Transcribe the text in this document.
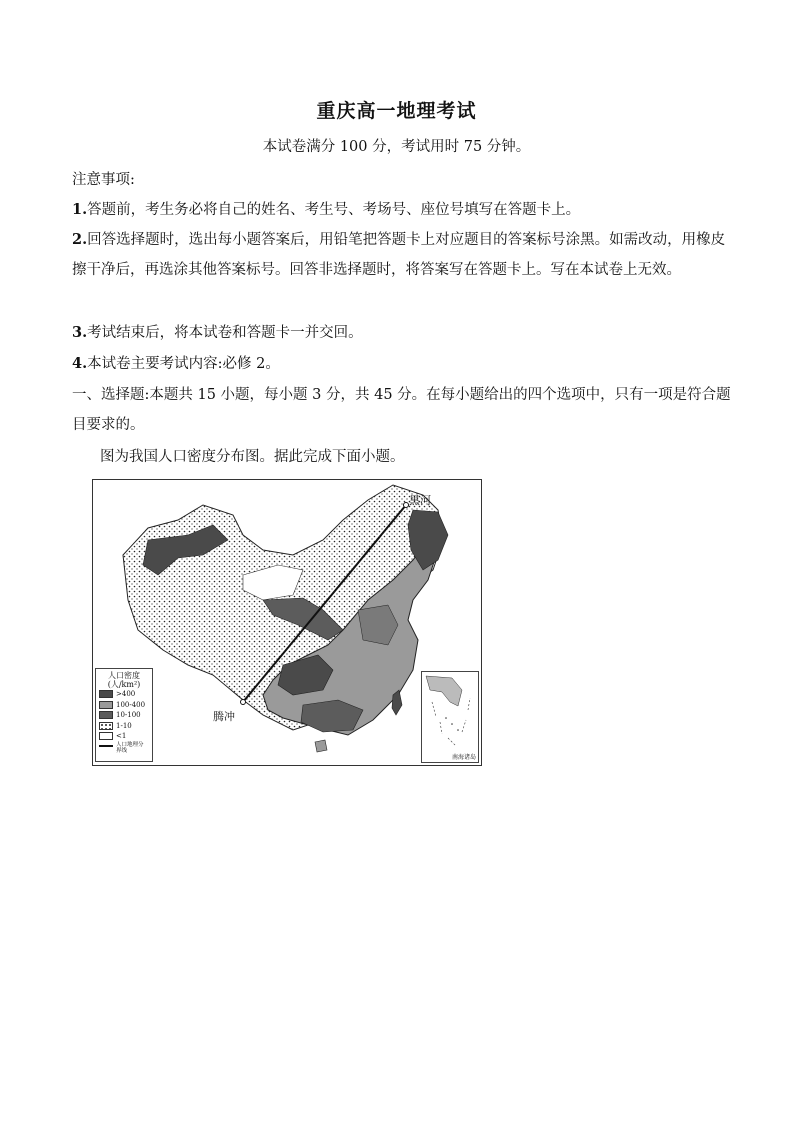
重庆高一地理考试
本试卷满分 100 分，考试用时 75 分钟。
注意事项:
1.答题前，考生务必将自己的姓名、考生号、考场号、座位号填写在答题卡上。
2.回答选择题时，选出每小题答案后，用铅笔把答题卡上对应题目的答案标号涂黑。如需改动，用橡皮擦干净后，再选涂其他答案标号。回答非选择题时，将答案写在答题卡上。写在本试卷上无效。
3.考试结束后，将本试卷和答题卡一并交回。
4.本试卷主要考试内容:必修 2。
一、选择题:本题共 15 小题，每小题 3 分，共 45 分。在每小题给出的四个选项中，只有一项是符合题目要求的。
图为我国人口密度分布图。据此完成下面小题。
黑河
腾冲
人口密度
(人/km²)
>400
100-400
10-100
1-10
<1
人口地理分界线
南海诸岛
